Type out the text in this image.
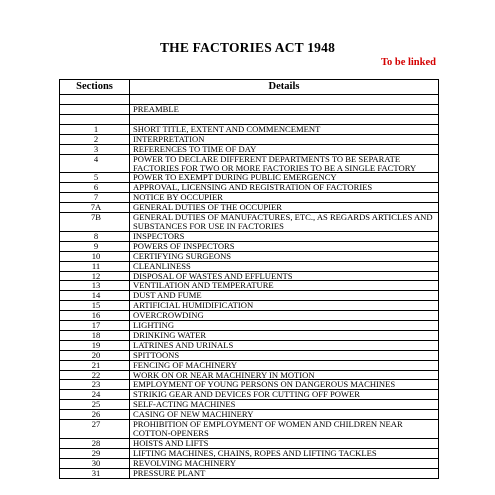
THE FACTORIES ACT 1948
To be linked
Sections	Details

	PREAMBLE

1	SHORT TITLE, EXTENT AND COMMENCEMENT
2	INTERPRETATION
3	REFERENCES TO TIME OF DAY
4	POWER TO DECLARE DIFFERENT DEPARTMENTS TO BE SEPARATE FACTORIES FOR TWO OR MORE FACTORIES TO BE A SINGLE FACTORY
5	POWER TO EXEMPT DURING PUBLIC EMERGENCY
6	APPROVAL, LICENSING AND REGISTRATION OF FACTORIES
7	NOTICE BY OCCUPIER
7A	GENERAL DUTIES OF THE OCCUPIER
7B	GENERAL DUTIES OF MANUFACTURES, ETC., AS REGARDS ARTICLES AND SUBSTANCES FOR USE IN FACTORIES
8	INSPECTORS
9	POWERS OF INSPECTORS
10	CERTIFYING SURGEONS
11	CLEANLINESS
12	DISPOSAL OF WASTES AND EFFLUENTS
13	VENTILATION AND TEMPERATURE
14	DUST AND FUME
15	ARTIFICIAL HUMIDIFICATION
16	OVERCROWDING
17	LIGHTING
18	DRINKING WATER
19	LATRINES AND URINALS
20	SPITTOONS
21	FENCING OF MACHINERY
22	WORK ON OR NEAR MACHINERY IN MOTION
23	EMPLOYMENT OF YOUNG PERSONS ON DANGEROUS MACHINES
24	STRIKIG GEAR AND DEVICES FOR CUTTING OFF POWER
25	SELF-ACTING MACHINES
26	CASING OF NEW MACHINERY
27	PROHIBITION OF EMPLOYMENT OF WOMEN AND CHILDREN NEAR COTTON-OPENERS
28	HOISTS AND LIFTS
29	LIFTING MACHINES, CHAINS, ROPES AND LIFTING TACKLES
30	REVOLVING MACHINERY
31	PRESSURE PLANT
